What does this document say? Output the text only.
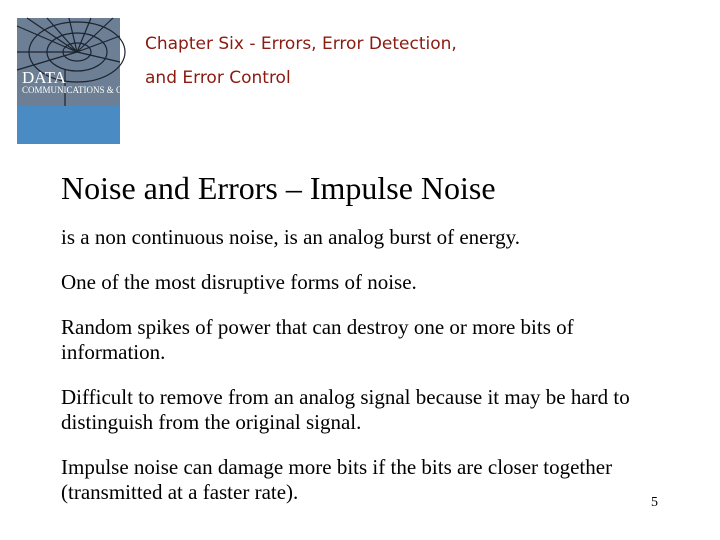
DATA
COMMUNICATIONS & COMPUTER NETWORKS
Chapter Six - Errors, Error Detection,
and Error Control
Noise and Errors – Impulse Noise
is a non continuous noise, is an analog burst of energy.
One of the most disruptive forms of noise.
Random spikes of power that can destroy one or more bits of information.
Difficult to remove from an analog signal because it may be hard to distinguish from the original signal.
Impulse noise can damage more bits if the bits are closer together (transmitted at a faster rate).	5
